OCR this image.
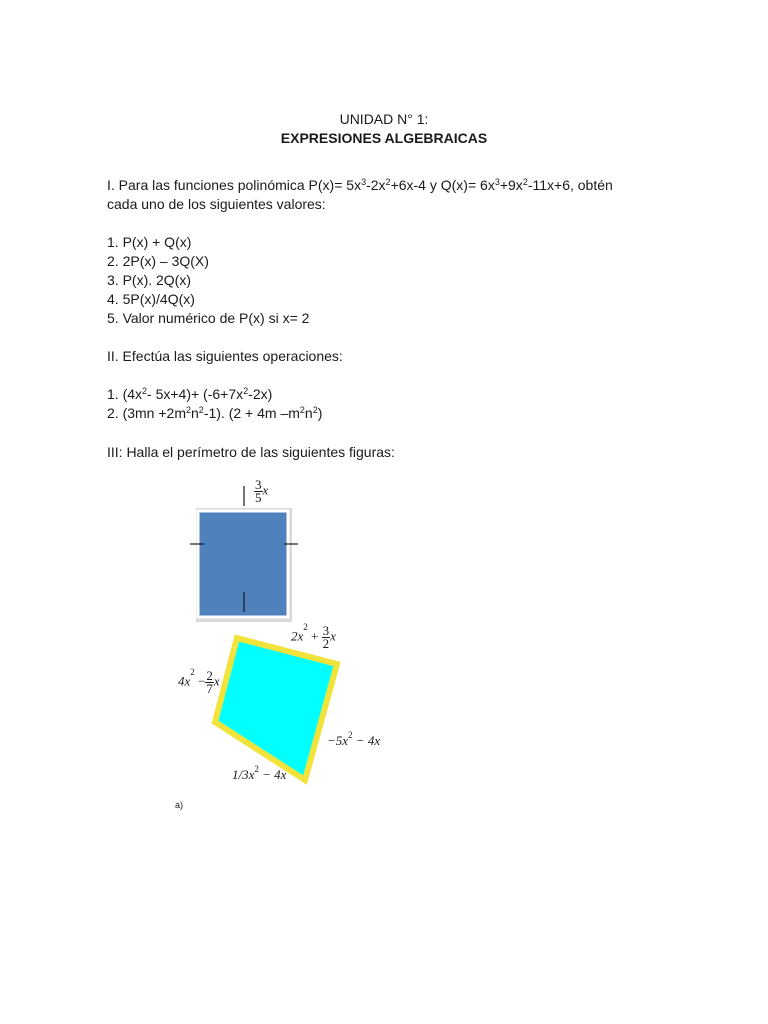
UNIDAD N° 1:
EXPRESIONES ALGEBRAICAS
I. Para las funciones polinómica $P(x)= 5x^3-2x^2+6x-4$ y $Q(x)= 6x^3+9x^2-11x+6$, obtén
cada uno de los siguientes valores:
1. P(x) + Q(x)
2. 2P(x) – 3Q(X)
3. P(x). 2Q(x)
4. 5P(x)/4Q(x)
5. Valor numérico de P(x) si x= 2
II. Efectúa las siguientes operaciones:
1. ($4x^2-$ $5x+4)+ (-6+7x^2-2x)$
2. $(3mn +2m^2n^2-1)$. (2 + 4m $-m^2n^2$)
III: Halla el perímetro de las siguientes figuras:
$\frac{3}{5}$ x
$2x^2 + \frac{3}{2}$ x
$4x^2 - \frac{2}{7}$ x
$-5x^2 - 4x$
$1/3x^2 - 4x$
a)
